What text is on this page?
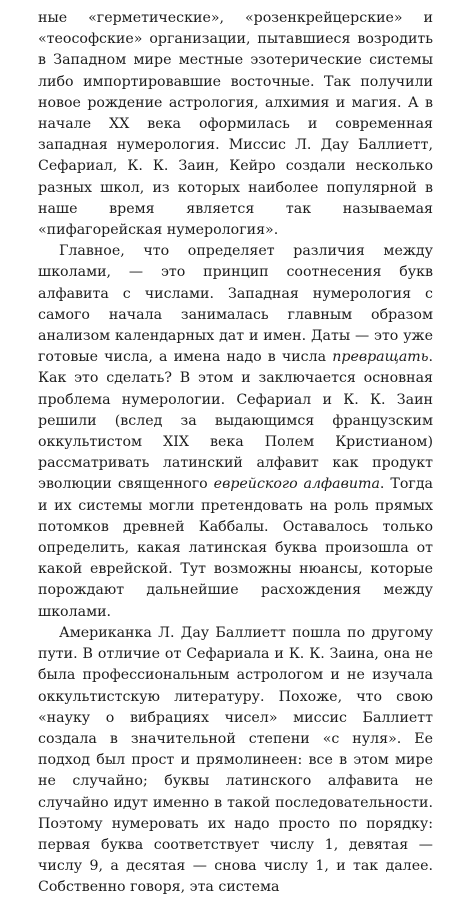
ные «герметические», «розенкрейцерские» и «теософские» организации, пытавшиеся возродить в Западном мире местные эзотерические системы либо импортировавшие восточные. Так получили новое рождение астрология, алхимия и магия. А в начале XX века оформилась и современная западная нумерология. Миссис Л. Дау Баллиетт, Сефариал, К. К. Заин, Кейро создали несколько разных школ, из которых наиболее популярной в наше время является так называемая «пифагорейская нумерология».

Главное, что определяет различия между школами, — это принцип соотнесения букв алфавита с числами. Западная нумерология с самого начала занималась главным образом анализом календарных дат и имен. Даты — это уже готовые числа, а имена надо в числа превращать. Как это сделать? В этом и заключается основная проблема нумерологии. Сефариал и К. К. Заин решили (вслед за выдающимся французским оккультистом XIX века Полем Кристианом) рассматривать латинский алфавит как продукт эволюции священного еврейского алфавита. Тогда и их системы могли претендовать на роль прямых потомков древней Каббалы. Оставалось только определить, какая латинская буква произошла от какой еврейской. Тут возможны нюансы, которые порождают дальнейшие расхождения между школами.

Американка Л. Дау Баллиетт пошла по другому пути. В отличие от Сефариала и К. К. Заина, она не была профессиональным астрологом и не изучала оккультистскую литературу. Похоже, что свою «науку о вибрациях чисел» миссис Баллиетт создала в значительной степени «с нуля». Ее подход был прост и прямолинеен: все в этом мире не случайно; буквы латинского алфавита не случайно идут именно в такой последовательности. Поэтому нумеровать их надо просто по порядку: первая буква соответствует числу 1, девятая — числу 9, а десятая — снова числу 1, и так далее. Собственно говоря, эта система
